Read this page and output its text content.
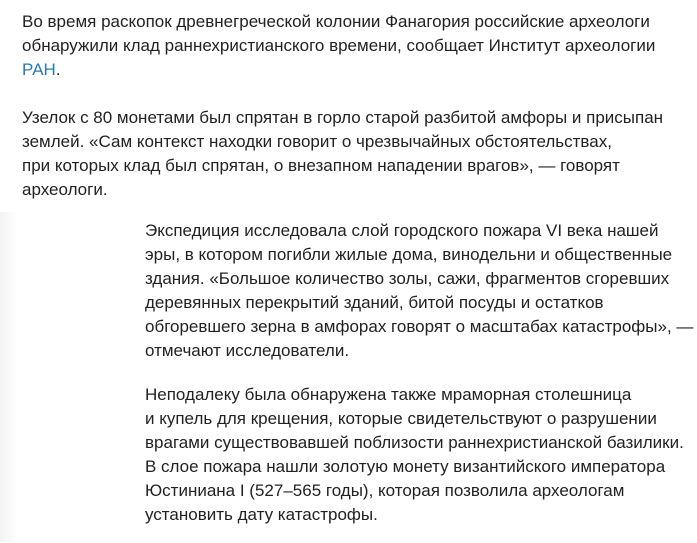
Во время раскопок древнегреческой колонии Фанагория российские археологи
обнаружили клад раннехристианского времени, сообщает Институт археологии
РАН.

Узелок с 80 монетами был спрятан в горло старой разбитой амфоры и присыпан
землей. «Сам контекст находки говорит о чрезвычайных обстоятельствах,
при которых клад был спрятан, о внезапном нападении врагов», — говорят
археологи.

Экспедиция исследовала слой городского пожара VI века нашей
эры, в котором погибли жилые дома, винодельни и общественные
здания. «Большое количество золы, сажи, фрагментов сгоревших
деревянных перекрытий зданий, битой посуды и остатков
обгоревшего зерна в амфорах говорят о масштабах катастрофы», —
отмечают исследователи.

Неподалеку была обнаружена также мраморная столешница
и купель для крещения, которые свидетельствуют о разрушении
врагами существовавшей поблизости раннехристианской базилики.
В слое пожара нашли золотую монету византийского императора
Юстиниана I (527–565 годы), которая позволила археологам
установить дату катастрофы.
